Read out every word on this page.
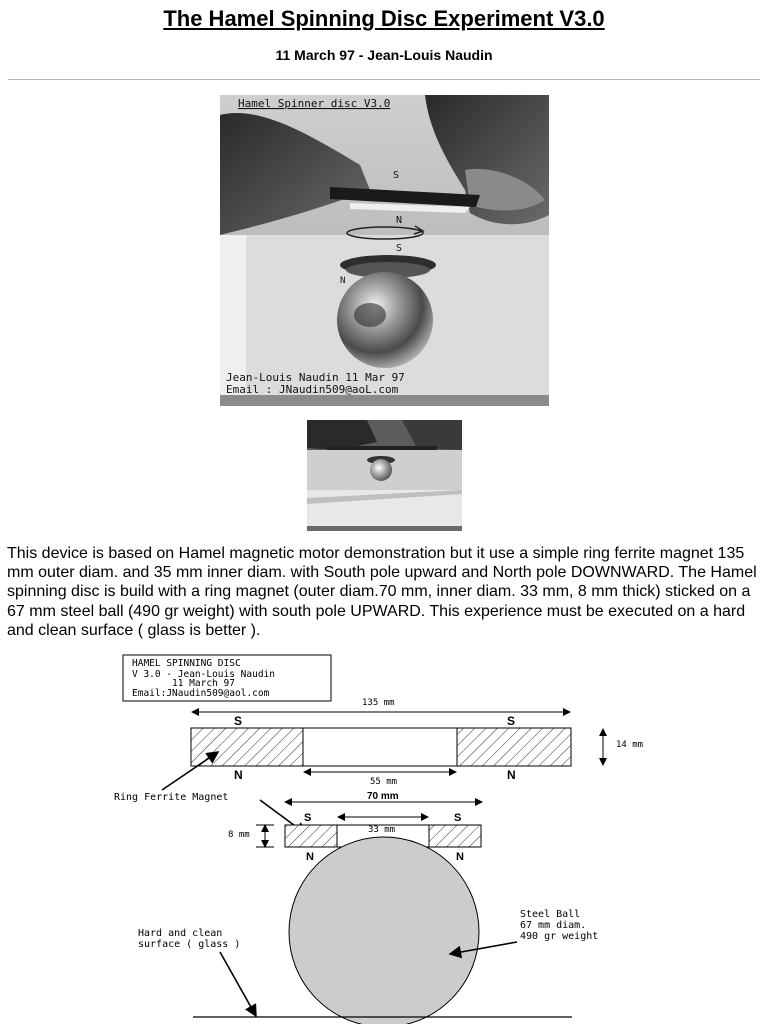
The Hamel Spinning Disc Experiment V3.0
11 March 97 - Jean-Louis Naudin
Hamel Spinner disc V3.0
S
N
S
N
Jean-Louis Naudin 11 Mar 97
Email : JNaudin509@aoL.com
This device is based on Hamel magnetic motor demonstration but it use a simple ring ferrite magnet 135 mm outer diam. and 35 mm inner diam. with South pole upward and North pole DOWNWARD. The Hamel spinning disc is build with a ring magnet (outer diam.70 mm, inner diam. 33 mm, 8 mm thick) sticked on a 67 mm steel ball (490 gr weight) with south pole UPWARD. This experience must be executed on a hard and clean surface ( glass is better ).
HAMEL SPINNING DISC
V 3.0 - Jean-Louis Naudin
11 March 97
Email:JNaudin509@aol.com
135 mm
S	S
N	N
14 mm
55 mm
Ring Ferrite Magnet	70 mm
S	S
33 mm
N	N
8 mm
Steel Ball
67 mm diam.
490 gr weight
Hard and clean
surface ( glass )
